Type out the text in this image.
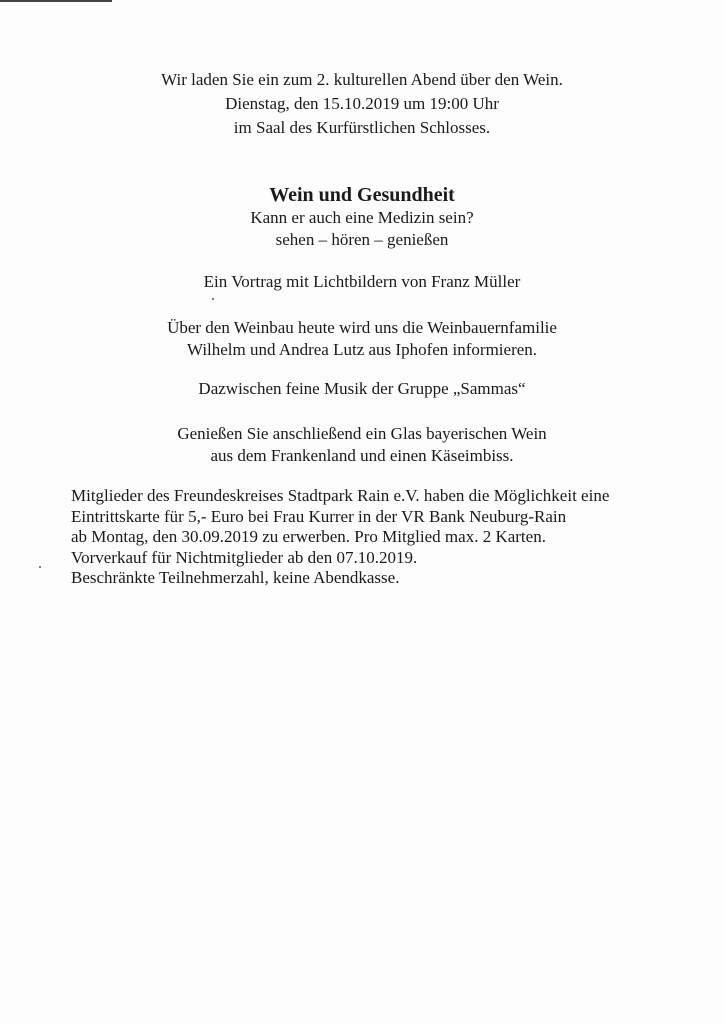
Wir laden Sie ein zum 2. kulturellen Abend über den Wein.
Dienstag, den 15.10.2019 um 19:00 Uhr
im Saal des Kurfürstlichen Schlosses.
Wein und Gesundheit
Kann er auch eine Medizin sein?
sehen – hören – genießen
Ein Vortrag mit Lichtbildern von Franz Müller
Über den Weinbau heute wird uns die Weinbauernfamilie
Wilhelm und Andrea Lutz aus Iphofen informieren.
Dazwischen feine Musik der Gruppe „Sammas“
Genießen Sie anschließend ein Glas bayerischen Wein
aus dem Frankenland und einen Käseimbiss.
Mitglieder des Freundeskreises Stadtpark Rain e.V. haben die Möglichkeit eine
Eintrittskarte für 5,- Euro bei Frau Kurrer in der VR Bank Neuburg-Rain
ab Montag, den 30.09.2019 zu erwerben. Pro Mitglied max. 2 Karten.
Vorverkauf für Nichtmitglieder ab den 07.10.2019.
Beschränkte Teilnehmerzahl, keine Abendkasse.
